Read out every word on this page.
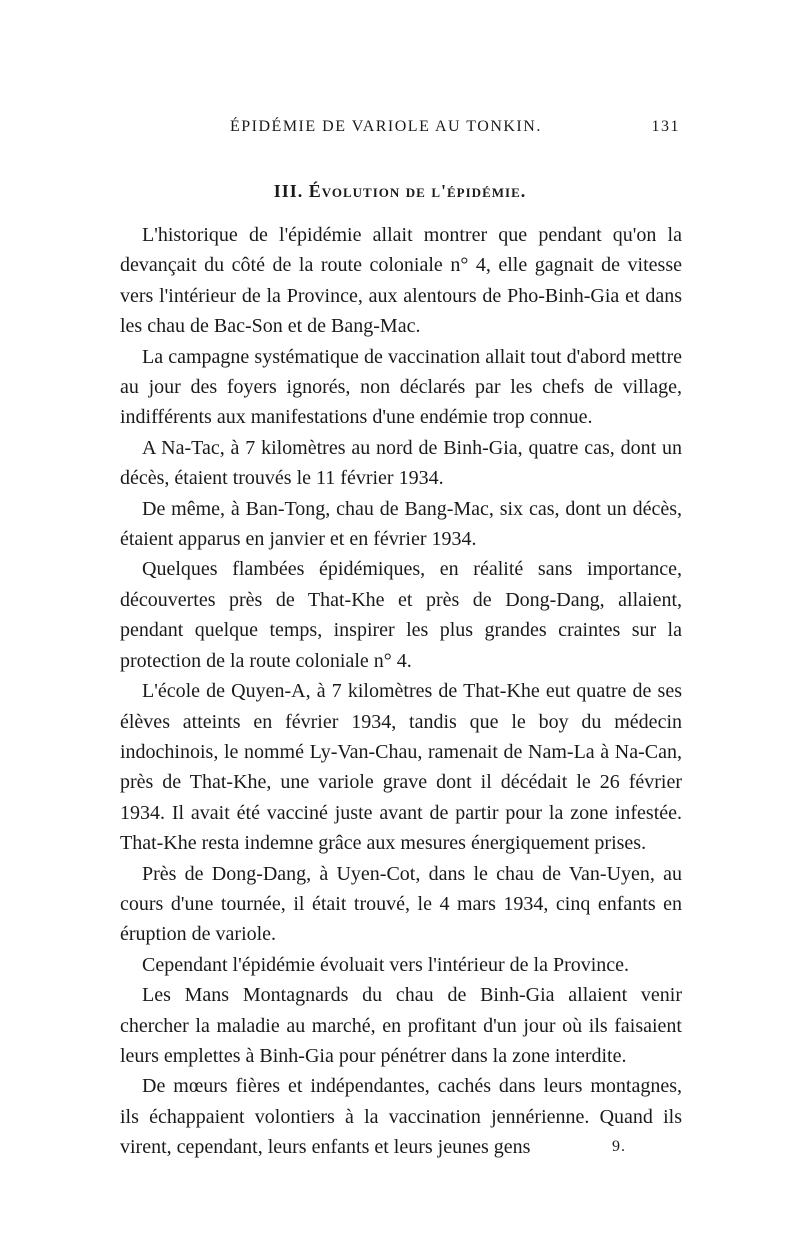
ÉPIDÉMIE DE VARIOLE AU TONKIN.	131
III. Évolution de l'épidémie.

L'historique de l'épidémie allait montrer que pendant qu'on la devançait du côté de la route coloniale n° 4, elle gagnait de vitesse vers l'intérieur de la Province, aux alentours de Pho-Binh-Gia et dans les chau de Bac-Son et de Bang-Mac.

La campagne systématique de vaccination allait tout d'abord mettre au jour des foyers ignorés, non déclarés par les chefs de village, indifférents aux manifestations d'une endémie trop connue.

A Na-Tac, à 7 kilomètres au nord de Binh-Gia, quatre cas, dont un décès, étaient trouvés le 11 février 1934.

De même, à Ban-Tong, chau de Bang-Mac, six cas, dont un décès, étaient apparus en janvier et en février 1934.

Quelques flambées épidémiques, en réalité sans importance, découvertes près de That-Khe et près de Dong-Dang, allaient, pendant quelque temps, inspirer les plus grandes craintes sur la protection de la route coloniale n° 4.

L'école de Quyen-A, à 7 kilomètres de That-Khe eut quatre de ses élèves atteints en février 1934, tandis que le boy du médecin indochinois, le nommé Ly-Van-Chau, ramenait de Nam-La à Na-Can, près de That-Khe, une variole grave dont il décédait le 26 février 1934. Il avait été vacciné juste avant de partir pour la zone infestée. That-Khe resta indemne grâce aux mesures énergiquement prises.

Près de Dong-Dang, à Uyen-Cot, dans le chau de Van-Uyen, au cours d'une tournée, il était trouvé, le 4 mars 1934, cinq enfants en éruption de variole.

Cependant l'épidémie évoluait vers l'intérieur de la Province.

Les Mans Montagnards du chau de Binh-Gia allaient venir chercher la maladie au marché, en profitant d'un jour où ils faisaient leurs emplettes à Binh-Gia pour pénétrer dans la zone interdite.

De mœurs fières et indépendantes, cachés dans leurs montagnes, ils échappaient volontiers à la vaccination jennérienne. Quand ils virent, cependant, leurs enfants et leurs jeunes gens	9.
